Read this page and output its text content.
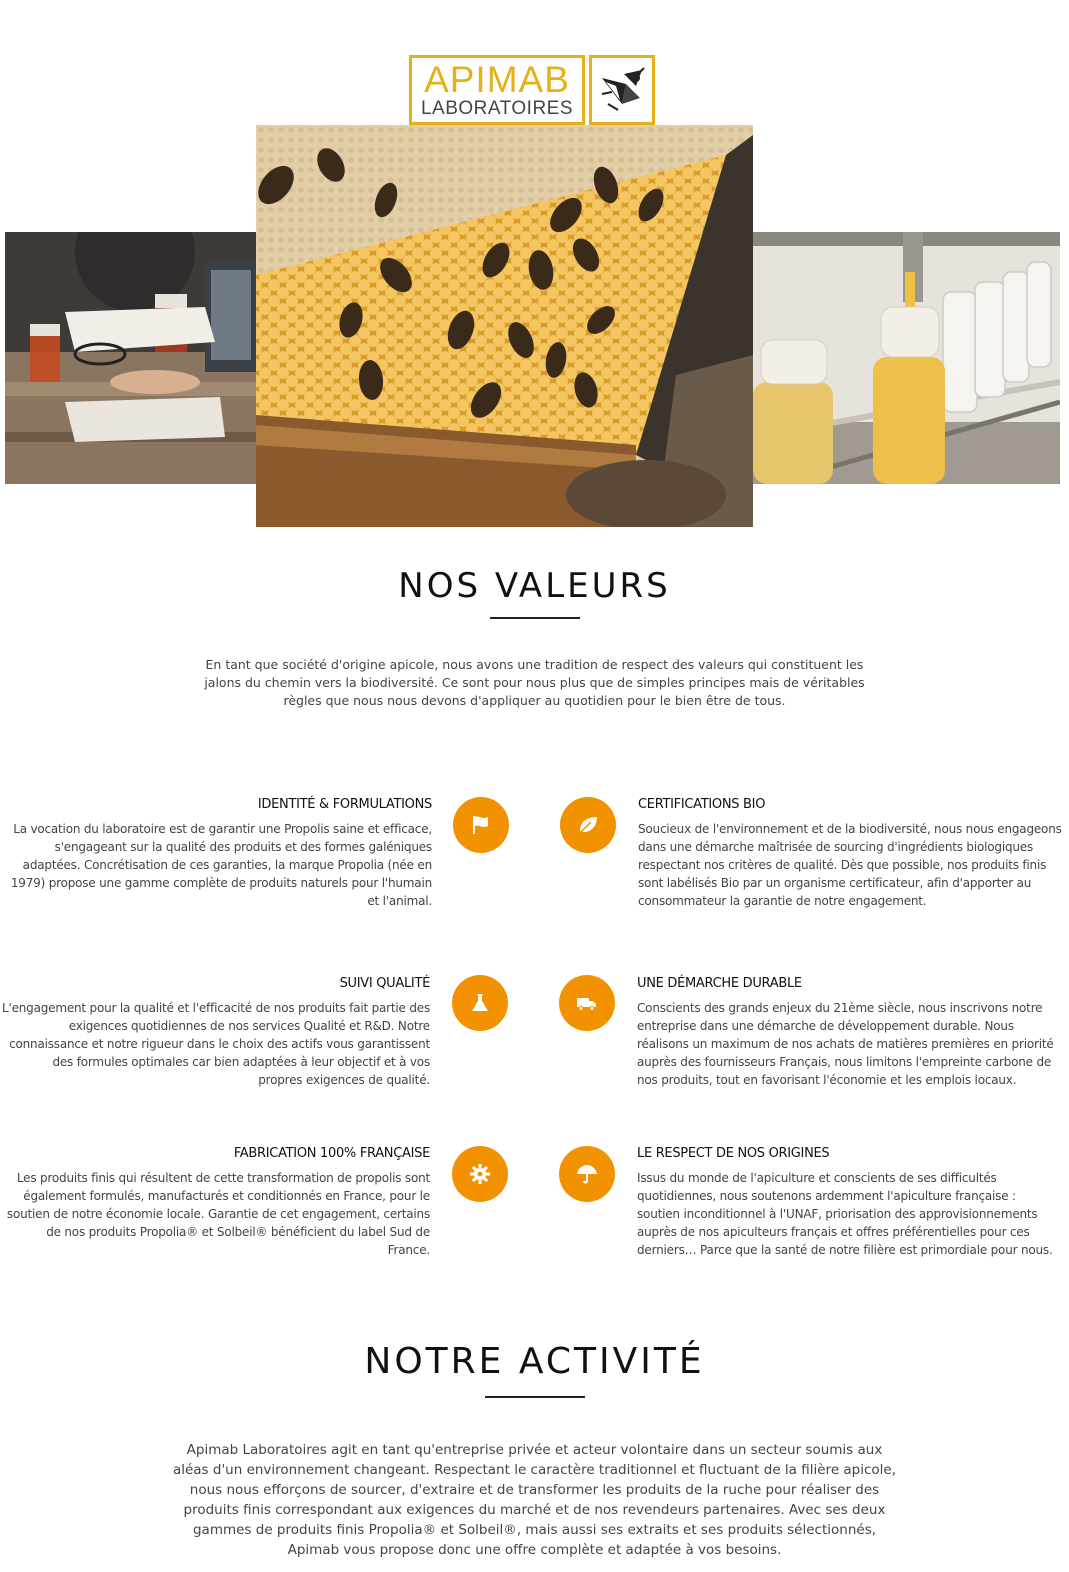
APIMAB
LABORATOIRES
NOS VALEURS
En tant que société d'origine apicole, nous avons une tradition de respect des valeurs qui constituent les
jalons du chemin vers la biodiversité. Ce sont pour nous plus que de simples principes mais de véritables
règles que nous nous devons d'appliquer au quotidien pour le bien être de tous.
IDENTITÉ & FORMULATIONS
La vocation du laboratoire est de garantir une Propolis saine et efficace,
s'engageant sur la qualité des produits et des formes galéniques
adaptées. Concrétisation de ces garanties, la marque Propolia (née en
1979) propose une gamme complète de produits naturels pour l'humain
et l'animal.
CERTIFICATIONS BIO
Soucieux de l'environnement et de la biodiversité, nous nous engageons
dans une démarche maîtrisée de sourcing d'ingrédients biologiques
respectant nos critères de qualité. Dès que possible, nos produits finis
sont labélisés Bio par un organisme certificateur, afin d'apporter au
consommateur la garantie de notre engagement.
SUIVI QUALITÉ
L'engagement pour la qualité et l'efficacité de nos produits fait partie des
exigences quotidiennes de nos services Qualité et R&D. Notre
connaissance et notre rigueur dans le choix des actifs vous garantissent
des formules optimales car bien adaptées à leur objectif et à vos
propres exigences de qualité.
UNE DÉMARCHE DURABLE
Conscients des grands enjeux du 21ème siècle, nous inscrivons notre
entreprise dans une démarche de développement durable. Nous
réalisons un maximum de nos achats de matières premières en priorité
auprès des fournisseurs Français, nous limitons l'empreinte carbone de
nos produits, tout en favorisant l'économie et les emplois locaux.
FABRICATION 100% FRANÇAISE
Les produits finis qui résultent de cette transformation de propolis sont
également formulés, manufacturés et conditionnés en France, pour le
soutien de notre économie locale. Garantie de cet engagement, certains
de nos produits Propolia® et Solbeil® bénéficient du label Sud de
France.
LE RESPECT DE NOS ORIGINES
Issus du monde de l'apiculture et conscients de ses difficultés
quotidiennes, nous soutenons ardemment l'apiculture française :
soutien inconditionnel à l'UNAF, priorisation des approvisionnements
auprès de nos apiculteurs français et offres préférentielles pour ces
derniers… Parce que la santé de notre filière est primordiale pour nous.
NOTRE ACTIVITÉ
Apimab Laboratoires agit en tant qu'entreprise privée et acteur volontaire dans un secteur soumis aux
aléas d'un environnement changeant. Respectant le caractère traditionnel et fluctuant de la filière apicole,
nous nous efforçons de sourcer, d'extraire et de transformer les produits de la ruche pour réaliser des
produits finis correspondant aux exigences du marché et de nos revendeurs partenaires. Avec ses deux
gammes de produits finis Propolia® et Solbeil®, mais aussi ses extraits et ses produits sélectionnés,
Apimab vous propose donc une offre complète et adaptée à vos besoins.
